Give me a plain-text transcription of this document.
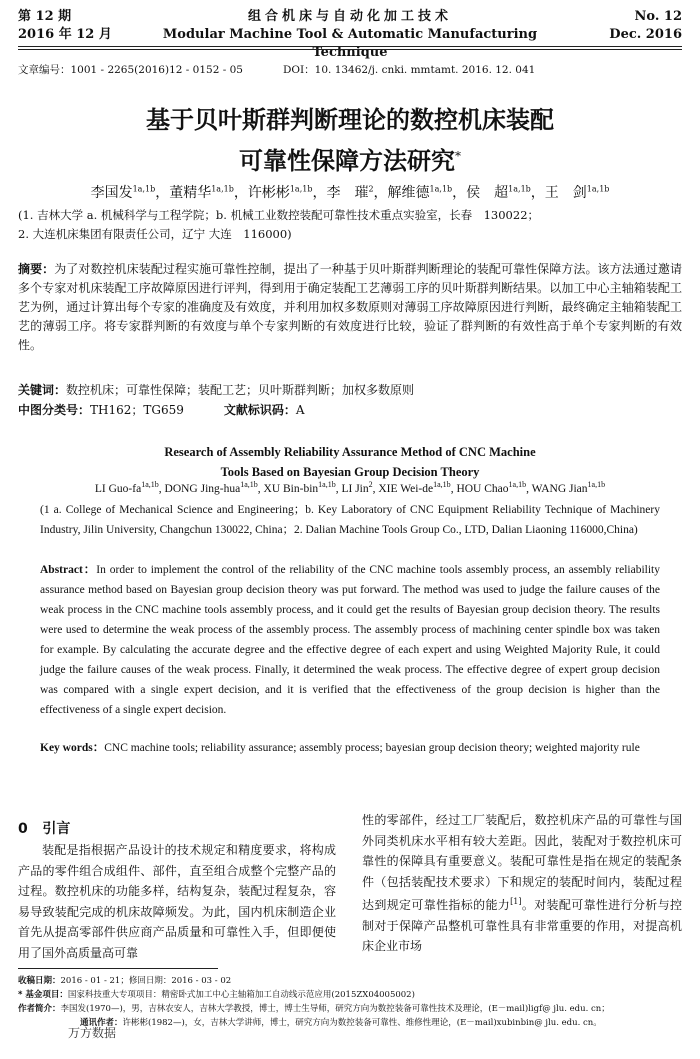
第 12 期
2016 年 12 月
组合机床与自动化加工技术
Modular Machine Tool & Automatic Manufacturing Technique
No. 12
Dec. 2016
文章编号：1001 - 2265(2016)12 - 0152 - 05	DOI：10. 13462/j. cnki. mmtamt. 2016. 12. 041
基于贝叶斯群判断理论的数控机床装配
可靠性保障方法研究*
李国发$^{1a,1b}$，董精华$^{1a,1b}$，许彬彬$^{1a,1b}$，李　璀$^2$，解维德$^{1a,1b}$，侯　超$^{1a,1b}$，王　剑$^{1a,1b}$
(1. 吉林大学 a. 机械科学与工程学院；b. 机械工业数控装配可靠性技术重点实验室，长春　130022；
2. 大连机床集团有限责任公司，辽宁 大连　116000)
摘要：为了对数控机床装配过程实施可靠性控制，提出了一种基于贝叶斯群判断理论的装配可靠性保障方法。该方法通过邀请多个专家对机床装配工序故障原因进行评判，得到用于确定装配工艺薄弱工序的贝叶斯群判断结果。以加工中心主轴箱装配工艺为例，通过计算出每个专家的准确度及有效度，并利用加权多数原则对薄弱工序故障原因进行判断，最终确定主轴箱装配工艺的薄弱工序。将专家群判断的有效度与单个专家判断的有效度进行比较，验证了群判断的有效性高于单个专家判断的有效性。
关键词：数控机床；可靠性保障；装配工艺；贝叶斯群判断；加权多数原则
中图分类号：TH162；TG659	文献标识码：A
Research of Assembly Reliability Assurance Method of CNC Machine
Tools Based on Bayesian Group Decision Theory
LI Guo-$fa^{1a,1b}$, DONG Jing-hua$^{1a,1b}$, XU Bin-bin$^{1a,1b}$, LI Jin$^2$, XIE Wei-$de^{1a,1b}$, HOU Chao$^{1a,1b}$, WANG Jian$^{1a,1b}$
(1 a. College of Mechanical Science and Engineering；b. Key Laboratory of CNC Equipment Reliability Technique of Machinery Industry, Jilin University, Changchun 130022, China；2. Dalian Machine Tools Group Co., LTD, Dalian Liaoning 116000,China)
Abstract：In order to implement the control of the reliability of the CNC machine tools assembly process, an assembly reliability assurance method based on Bayesian group decision theory was put forward. The method was used to judge the failure causes of the weak process in the CNC machine tools assembly process, and it could get the results of Bayesian group decision theory. The results were used to determine the weak process of the assembly process. The assembly process of machining center spindle box was taken for example. By calculating the accurate degree and the effective degree of each expert and using Weighted Majority Rule, it could judge the failure causes of the weak process. Finally, it determined the weak process. The effective degree of expert group decision was compared with a single expert decision, and it is verified that the effectiveness of the group decision is higher than the effectiveness of a single expert decision.
Key words：CNC machine tools; reliability assurance; assembly process; bayesian group decision theory; weighted majority rule
0 引言

装配是指根据产品设计的技术规定和精度要求，将构成产品的零件组合成组件、部件，直至组合成整个完整产品的过程。数控机床的功能多样，结构复杂，装配过程复杂，容易导致装配完成的机床故障频发。为此，国内机床制造企业首先从提高零部件供应商产品质量和可靠性入手，但即便使用了国外高质量高可靠

性的零部件，经过工厂装配后，数控机床产品的可靠性与国外同类机床水平相有较大差距。因此，装配对于数控机床可靠性的保障具有重要意义。装配可靠性是指在规定的装配条件（包括装配技术要求）下和规定的装配时间内，装配过程达到规定可靠性指标的能力[1]。对装配可靠性进行分析与控制对于保障产品整机可靠性具有非常重要的作用，对提高机床企业市场

收稿日期：2016 - 01 - 21；修回日期：2016 - 03 - 02
* 基金项目：国家科技重大专项项目：精密卧式加工中心主轴箱加工自动线示范应用(2015ZX04005002)
作者简介：李国发(1970—)，男，吉林农安人，吉林大学教授，博士，博士生导师，研究方向为数控装备可靠性技术及理论，(E－mail)ligf@ jlu. edu. cn；
通讯作者：许彬彬(1982—)，女，吉林大学讲师，博士，研究方向为数控装备可靠性、维修性理论，(E－mail)xubinbin@ jlu. edu. cn。
万方数据
